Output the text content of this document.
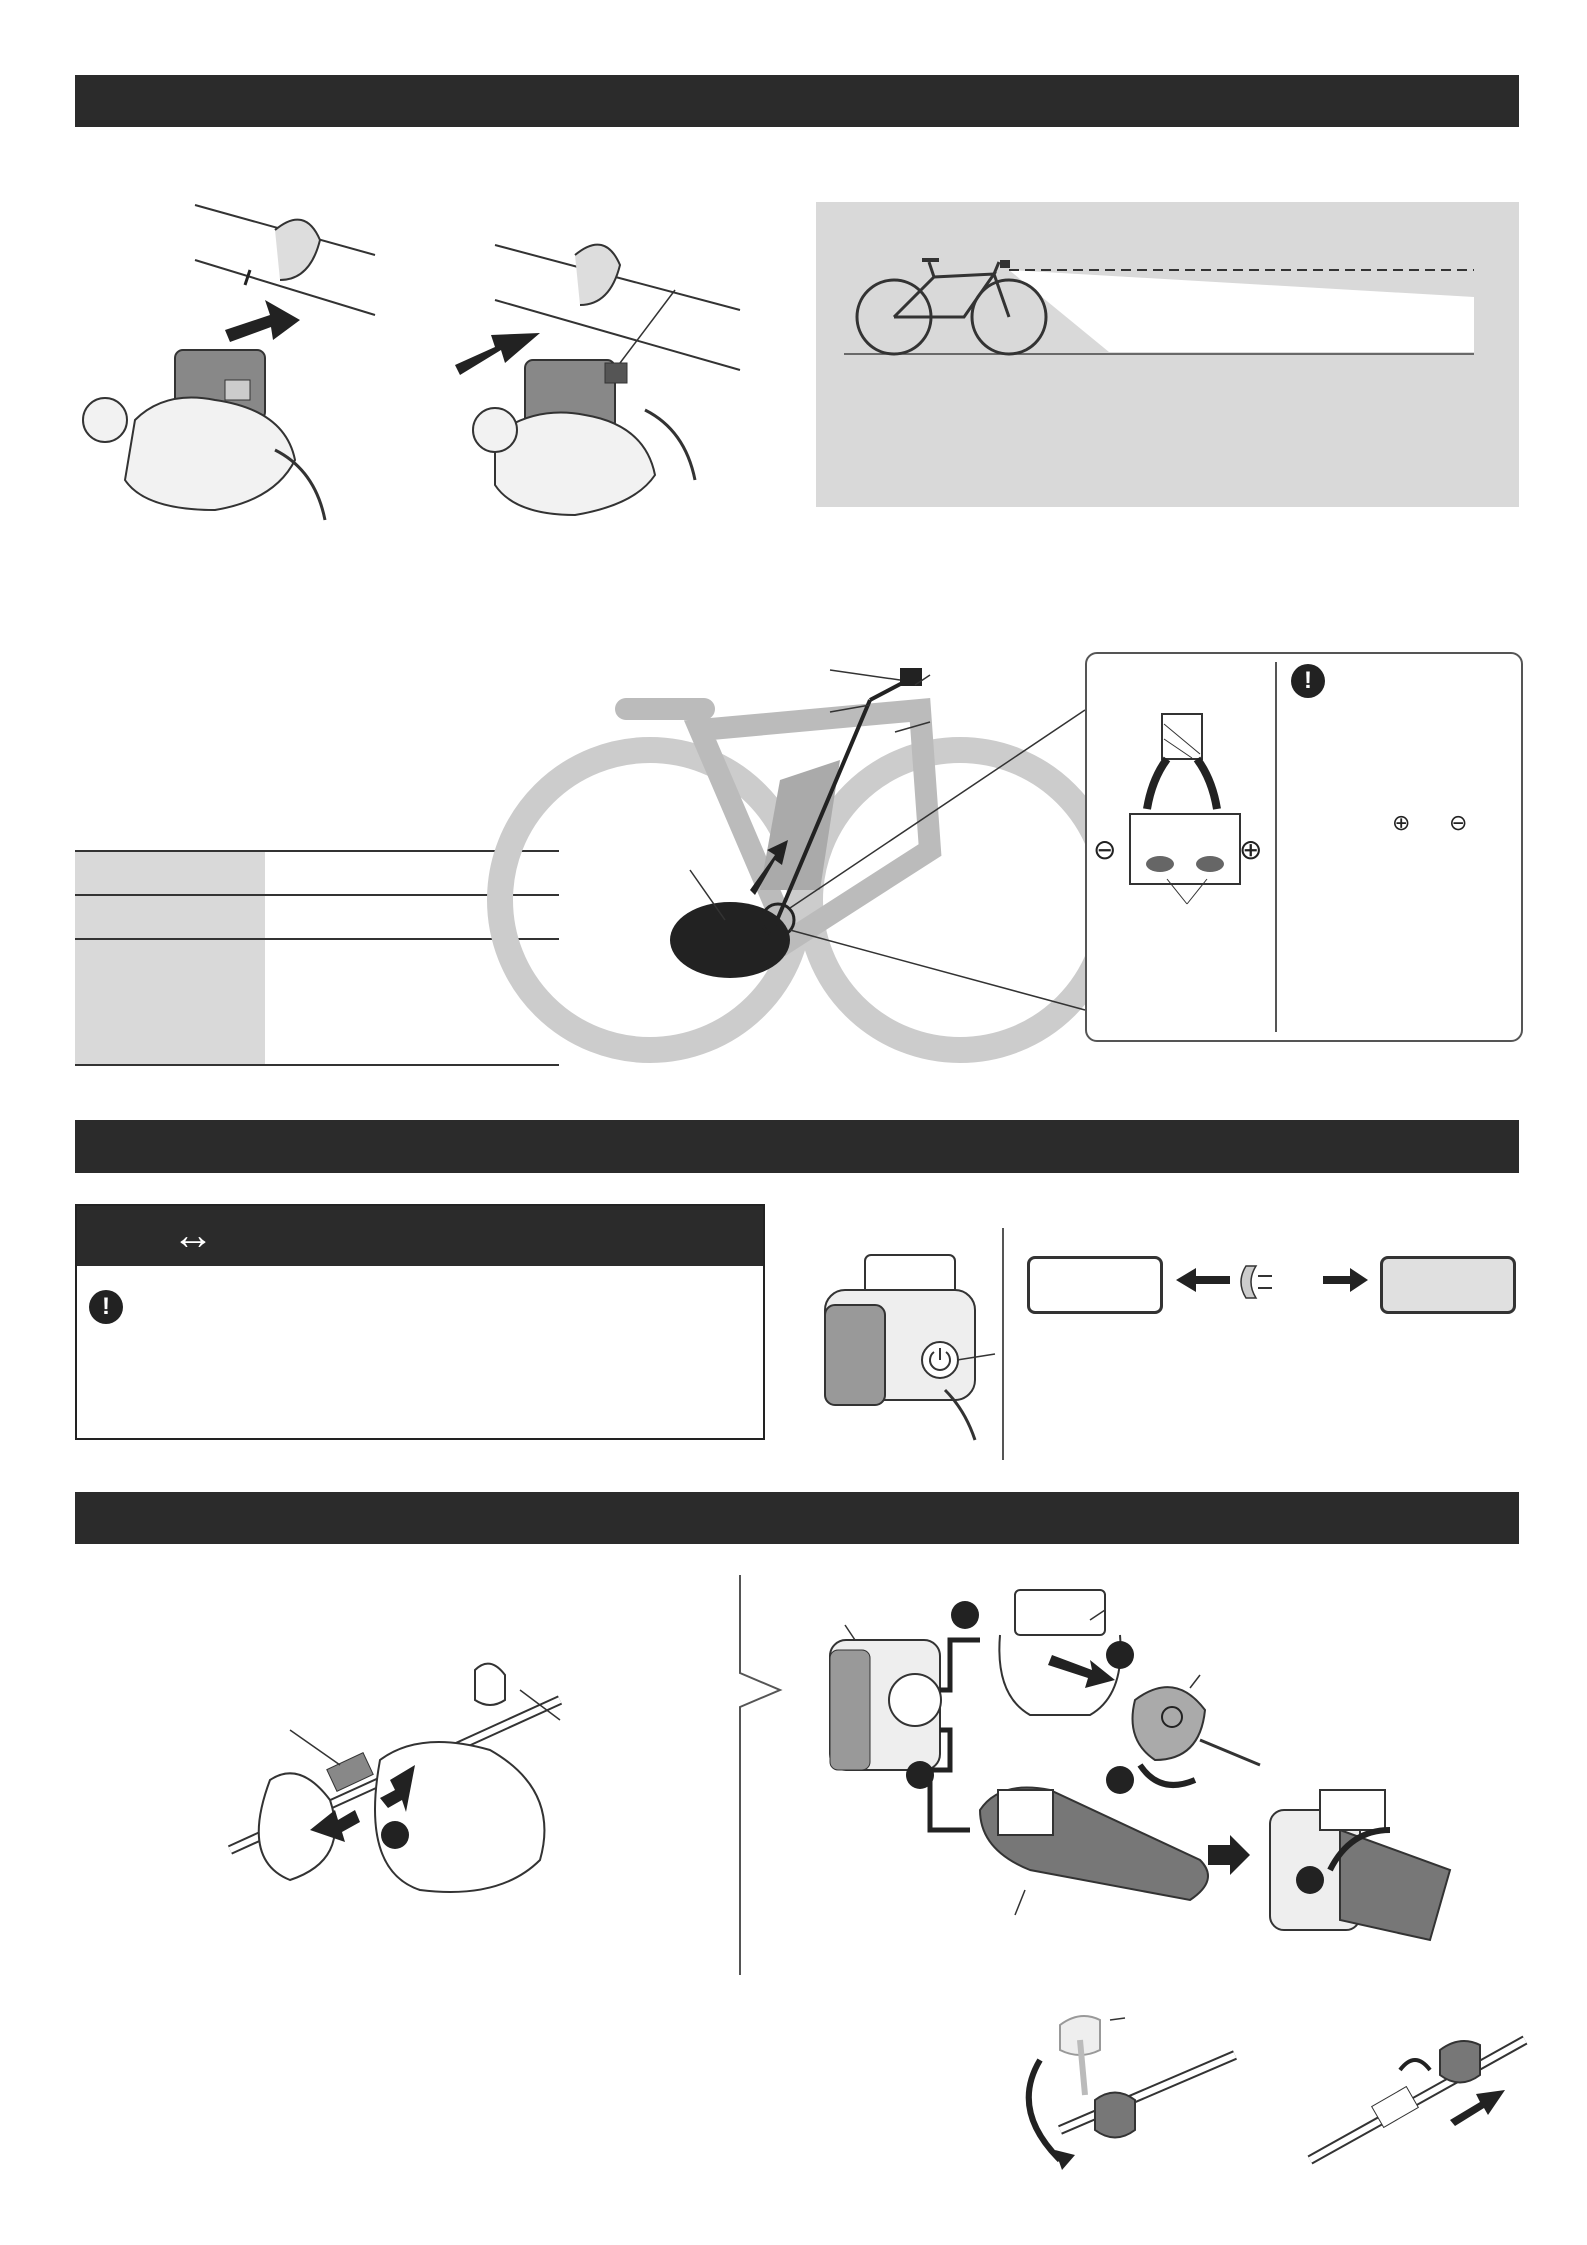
⊖	⊕
!
⊕ ⊖
↔
!
